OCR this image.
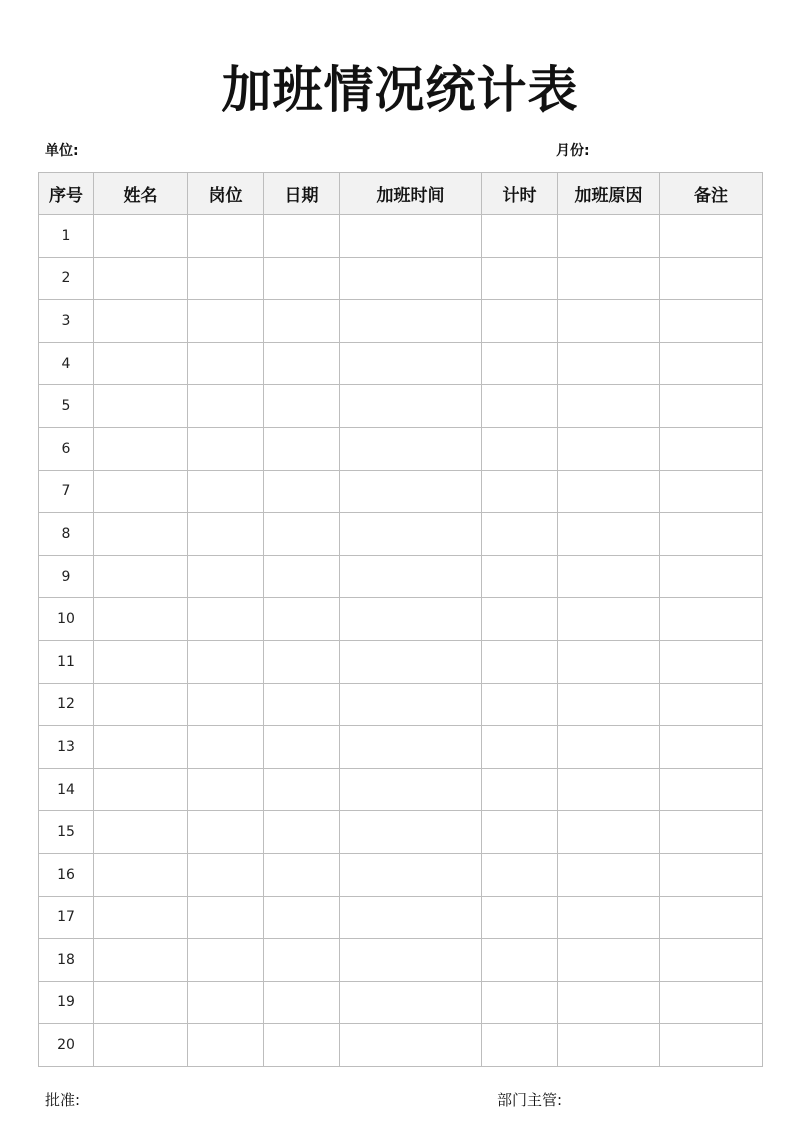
加班情况统计表
单位:	月份:
序号	姓名	岗位	日期	加班时间	计时	加班原因	备注
1							
2							
3							
4							
5							
6							
7							
8							
9							
10							
11							
12							
13							
14							
15							
16							
17							
18							
19							
20							
批准:	部门主管:
